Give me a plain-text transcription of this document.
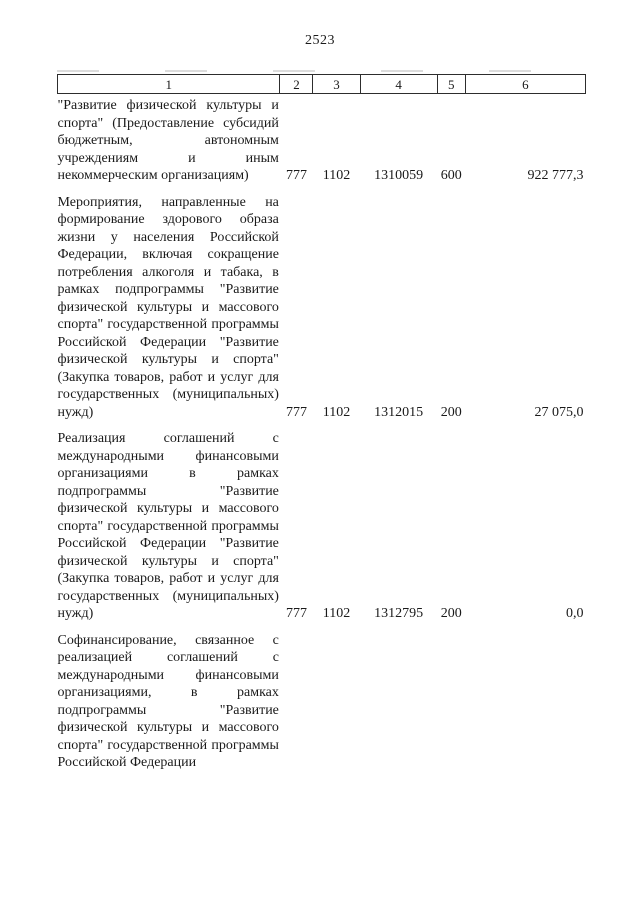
2523
1	2	3	4	5	6
"Развитие физической культуры и спорта" (Предоставление субсидий бюджетным, автономным учреждениям и иным некоммерческим организациям)	777	1102	1310059	600	922 777,3
Мероприятия, направленные на формирование здорового образа жизни у населения Российской Федерации, включая сокращение потребления алкоголя и табака, в рамках подпрограммы "Развитие физической культуры и массового спорта" государственной программы Российской Федерации "Развитие физической культуры и спорта" (Закупка товаров, работ и услуг для государственных (муниципальных) нужд)	777	1102	1312015	200	27 075,0
Реализация соглашений с международными финансовыми организациями в рамках подпрограммы "Развитие физической культуры и массового спорта" государственной программы Российской Федерации "Развитие физической культуры и спорта" (Закупка товаров, работ и услуг для государственных (муниципальных) нужд)	777	1102	1312795	200	0,0
Софинансирование, связанное с реализацией соглашений с международными финансовыми организациями, в рамках подпрограммы "Развитие физической культуры и массового спорта" государственной программы Российской Федерации					
